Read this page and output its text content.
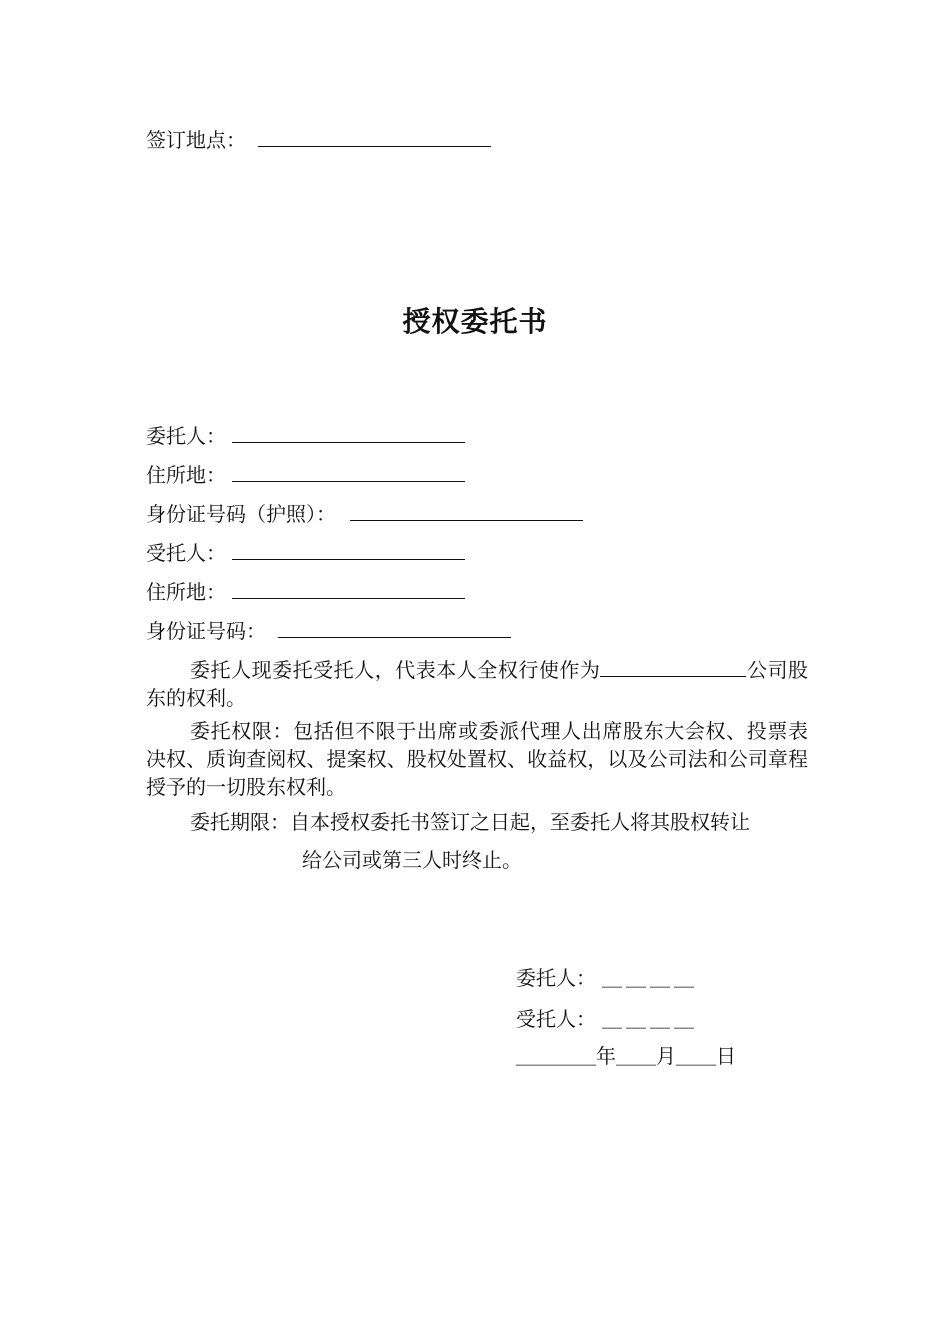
签订地点：
授权委托书
委托人：
住所地：
身份证号码（护照）：
受托人：
住所地：
身份证号码：
委托人现委托受托人，代表本人全权行使作为	公司股东的权利。
委托权限：包括但不限于出席或委派代理人出席股东大会权、投票表决权、质询查阅权、提案权、股权处置权、收益权，以及公司法和公司章程授予的一切股东权利。
委托期限：自本授权委托书签订之日起，至委托人将其股权转让
给公司或第三人时终止。
委托人： ＿＿＿＿
受托人： ＿＿＿＿
＿＿＿＿年＿＿月＿＿日
